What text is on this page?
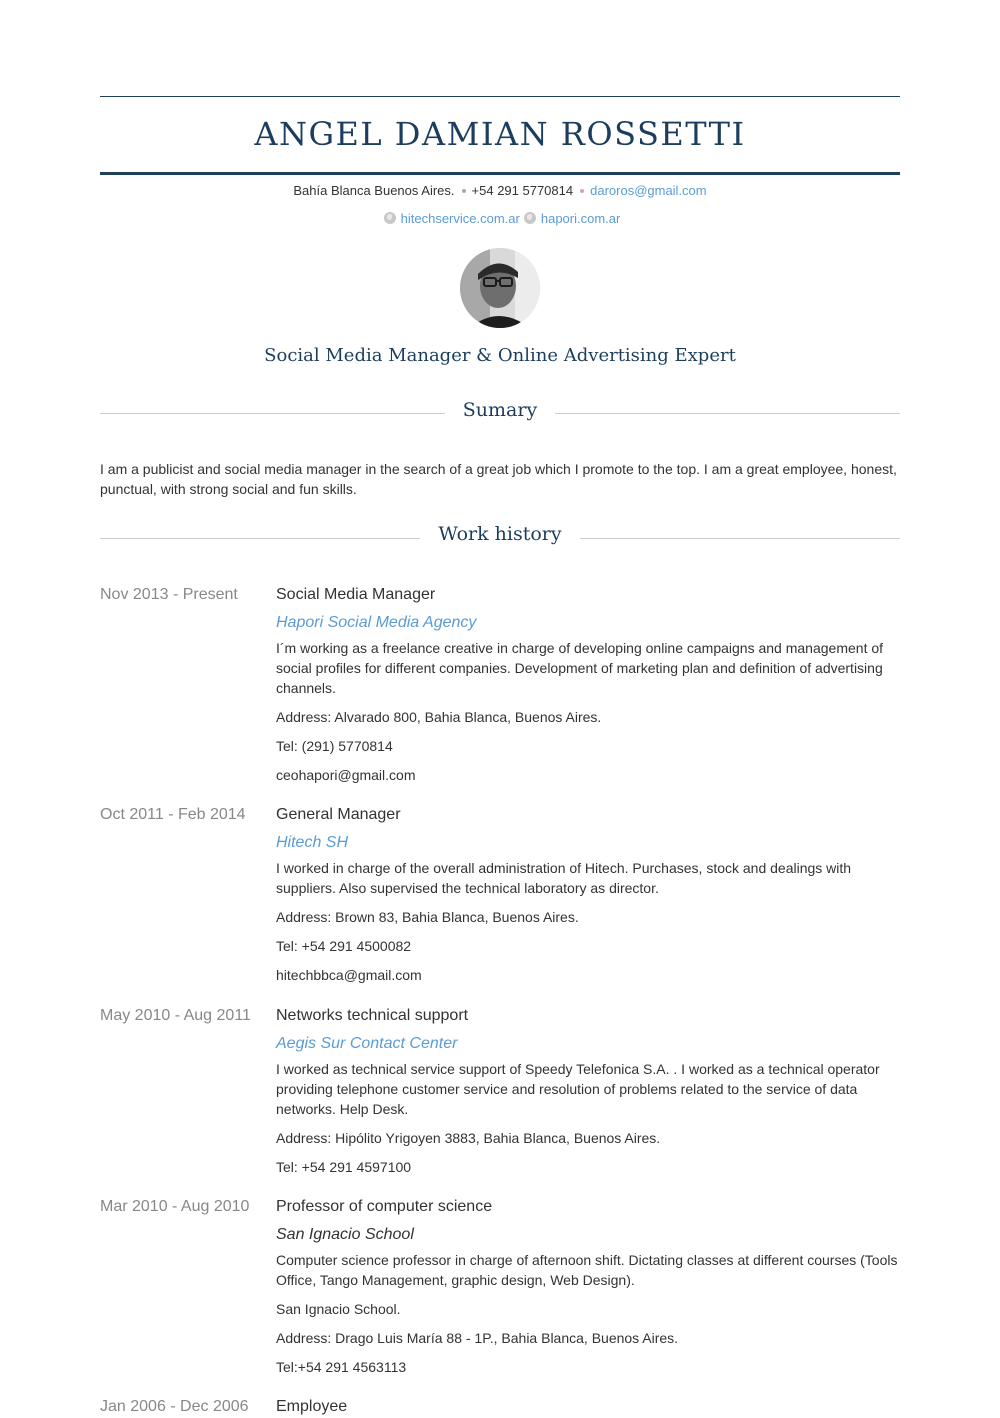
ANGEL DAMIAN ROSSETTI
Bahía Blanca Buenos Aires. +54 291 5770814 daroros@gmail.com
hitechservice.com.ar hapori.com.ar
Social Media Manager & Online Advertising Expert
Sumary
I am a publicist and social media manager in the search of a great job which I promote to the top. I am a great employee, honest, punctual, with strong social and fun skills.
Work history
Nov 2013 - Present Social Media Manager

Hapori Social Media Agency

I´m working as a freelance creative in charge of developing online campaigns and management of social profiles for different companies. Development of marketing plan and definition of advertising channels.

Address: Alvarado 800, Bahia Blanca, Buenos Aires.

Tel: (291) 5770814

ceohapori@gmail.com

Oct 2011 - Feb 2014 General Manager

Hitech SH

I worked in charge of the overall administration of Hitech. Purchases, stock and dealings with suppliers. Also supervised the technical laboratory as director.

Address: Brown 83, Bahia Blanca, Buenos Aires.

Tel: +54 291 4500082

hitechbbca@gmail.com

May 2010 - Aug 2011 Networks technical support

Aegis Sur Contact Center

I worked as technical service support of Speedy Telefonica S.A. . I worked as a technical operator providing telephone customer service and resolution of problems related to the service of data networks. Help Desk.

Address: Hipólito Yrigoyen 3883, Bahia Blanca, Buenos Aires.

Tel: +54 291 4597100

Mar 2010 - Aug 2010 Professor of computer science

San Ignacio School

Computer science professor in charge of afternoon shift. Dictating classes at different courses (Tools Office, Tango Management, graphic design, Web Design).

San Ignacio School.

Address: Drago Luis María 88 - 1P., Bahia Blanca, Buenos Aires.

Tel:+54 291 4563113

Jan 2006 - Dec 2006 Employee
